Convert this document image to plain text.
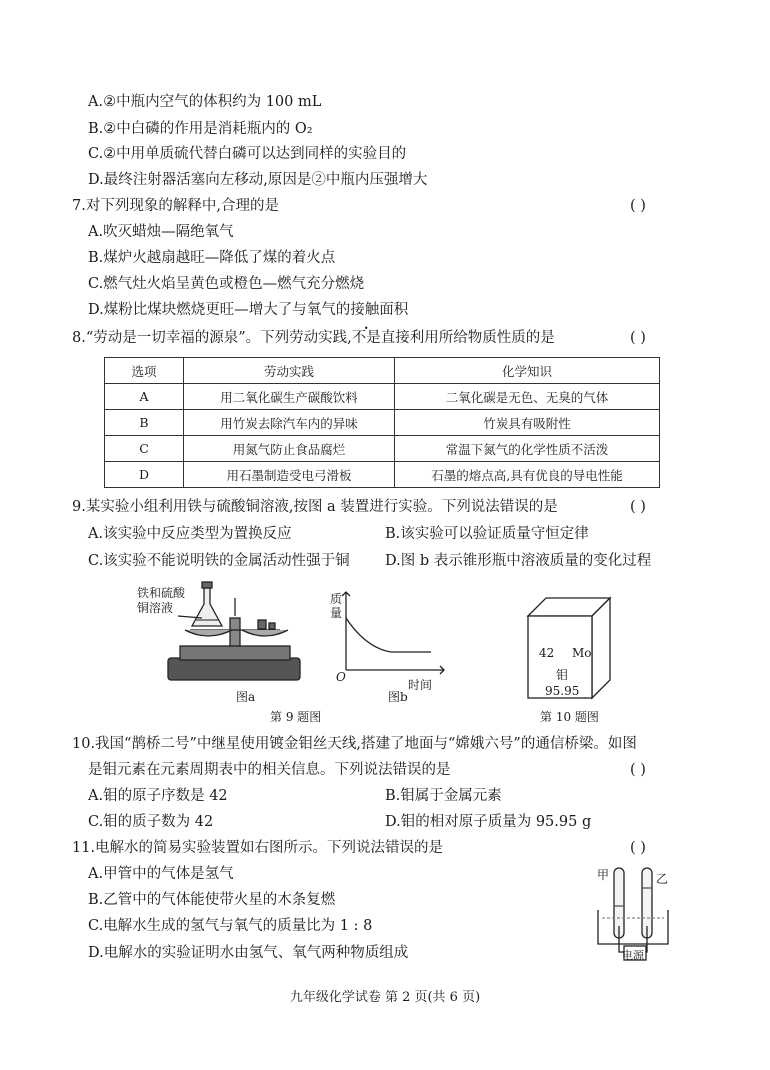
A.②中瓶内空气的体积约为 100 mL
B.②中白磷的作用是消耗瓶内的 O₂
C.②中用单质硫代替白磷可以达到同样的实验目的
D.最终注射器活塞向左移动,原因是②中瓶内压强增大
7.对下列现象的解释中,合理的是	( )
A.吹灭蜡烛—隔绝氧气
B.煤炉火越扇越旺—降低了煤的着火点
C.燃气灶火焰呈黄色或橙色—燃气充分燃烧
D.煤粉比煤块燃烧更旺—增大了与氧气的接触面积
8.“劳动是一切幸福的源泉”。下列劳动实践,不是直接利用所给物质性质的是	( )
选项	劳动实践	化学知识
A	用二氧化碳生产碳酸饮料	二氧化碳是无色、无臭的气体
B	用竹炭去除汽车内的异味	竹炭具有吸附性
C	用氮气防止食品腐烂	常温下氮气的化学性质不活泼
D	用石墨制造受电弓滑板	石墨的熔点高,具有优良的导电性能
9.某实验小组利用铁与硫酸铜溶液,按图 a 装置进行实验。下列说法错误的是	( )
A.该实验中反应类型为置换反应	B.该实验可以验证质量守恒定律
C.该实验不能说明铁的金属活动性强于铜 D.图 b 表示锥形瓶中溶液质量的变化过程
铁和硫酸
铜溶液
图a
质
量
O
时间
图b
第 9 题图
42 Mo
钼
95.95
第 10 题图
10.我国“鹊桥二号”中继星使用镀金钼丝天线,搭建了地面与“嫦娥六号”的通信桥梁。如图
是钼元素在元素周期表中的相关信息。下列说法错误的是	( )
A.钼的原子序数是 42	B.钼属于金属元素
C.钼的质子数为 42	D.钼的相对原子质量为 95.95 g
11.电解水的简易实验装置如右图所示。下列说法错误的是	( )
A.甲管中的气体是氢气
B.乙管中的气体能使带火星的木条复燃
C.电解水生成的氢气与氧气的质量比为 1 : 8
D.电解水的实验证明水由氢气、氧气两种物质组成
甲	乙
电源
九年级化学试卷 第 2 页(共 6 页)
